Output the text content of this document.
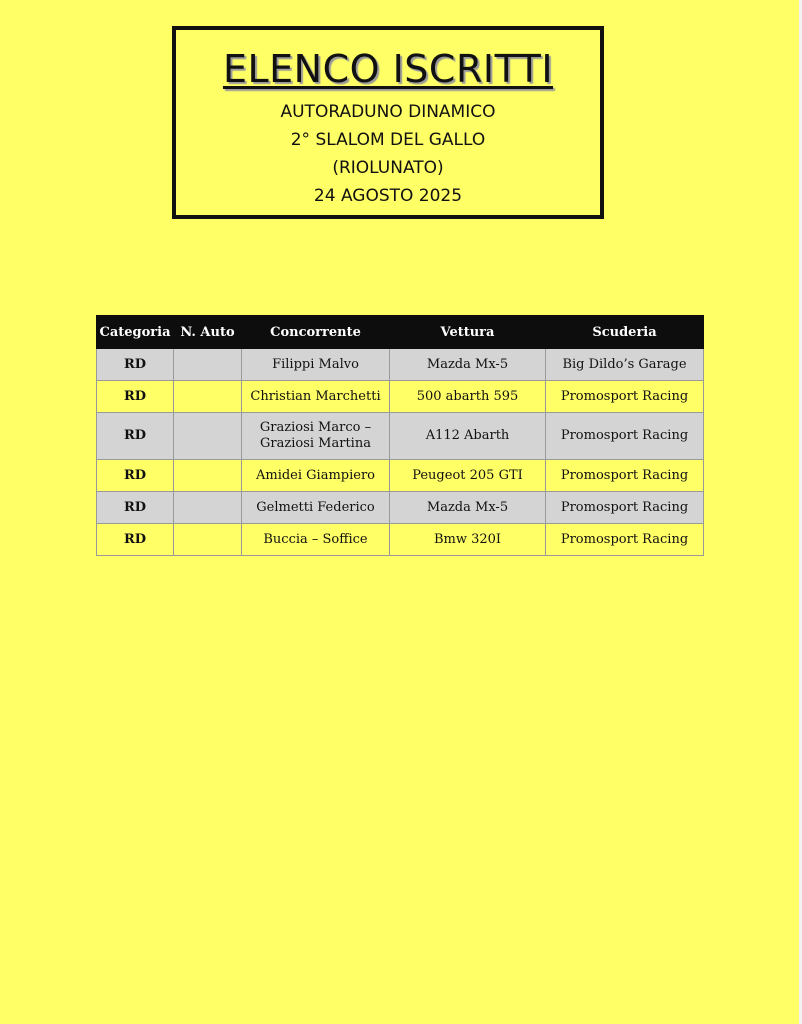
ELENCO ISCRITTI
AUTORADUNO DINAMICO
2° SLALOM DEL GALLO
(RIOLUNATO)
24 AGOSTO 2025
Categoria	N. Auto	Concorrente	Vettura	Scuderia
RD		Filippi Malvo	Mazda Mx-5	Big Dildo’s Garage
RD		Christian Marchetti	500 abarth 595	Promosport Racing
RD		Graziosi Marco –
Graziosi Martina	A112 Abarth	Promosport Racing
RD		Amidei Giampiero	Peugeot 205 GTI	Promosport Racing
RD		Gelmetti Federico	Mazda Mx-5	Promosport Racing
RD		Buccia – Soffice	Bmw 320I	Promosport Racing
